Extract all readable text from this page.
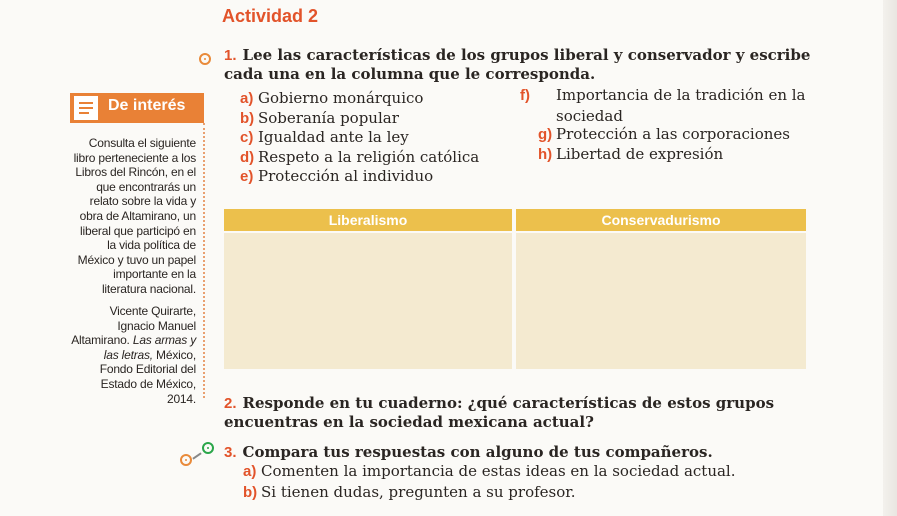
Actividad 2
1. Lee las características de los grupos liberal y conservador y escribe cada una en la columna que le corresponda.
a) Gobierno monárquico
b) Soberanía popular
c) Igualdad ante la ley
d) Respeto a la religión católica
e) Protección al individuo
f) Importancia de la tradición en la sociedad
g) Protección a las corporaciones
h) Libertad de expresión
De interés
Consulta el siguiente libro perteneciente a los Libros del Rincón, en el que encontrarás un relato sobre la vida y obra de Altamirano, un liberal que participó en la vida política de México y tuvo un papel importante en la literatura nacional.
Vicente Quirarte, Ignacio Manuel Altamirano. Las armas y las letras, México, Fondo Editorial del Estado de México, 2014.
Liberalismo	Conservadurismo
2. Responde en tu cuaderno: ¿qué características de estos grupos encuentras en la sociedad mexicana actual?
3. Compara tus respuestas con alguno de tus compañeros.
a) Comenten la importancia de estas ideas en la sociedad actual.
b) Si tienen dudas, pregunten a su profesor.
